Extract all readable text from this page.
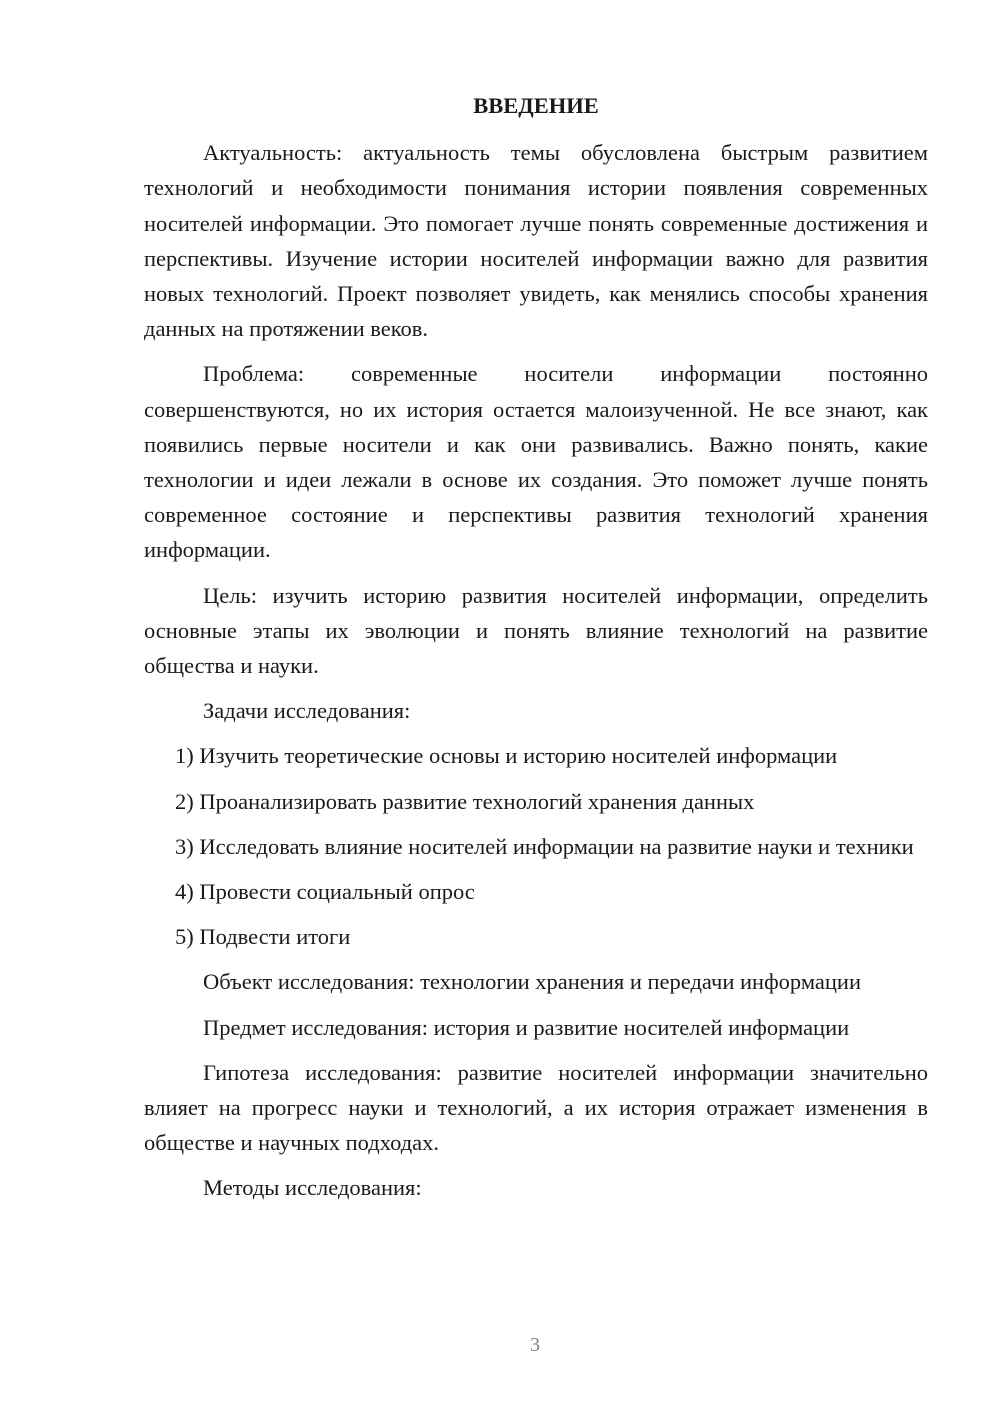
ВВЕДЕНИЕ

Актуальность: актуальность темы обусловлена быстрым развитием технологий и необходимости понимания истории появления современных носителей информации. Это помогает лучше понять современные достижения и перспективы. Изучение истории носителей информации важно для развития новых технологий. Проект позволяет увидеть, как менялись способы хранения данных на протяжении веков.

Проблема: современные носители информации постоянно совершенствуются, но их история остается малоизученной. Не все знают, как появились первые носители и как они развивались. Важно понять, какие технологии и идеи лежали в основе их создания. Это поможет лучше понять современное состояние и перспективы развития технологий хранения информации.

Цель: изучить историю развития носителей информации, определить основные этапы их эволюции и понять влияние технологий на развитие общества и науки.

Задачи исследования:

1) Изучить теоретические основы и историю носителей информации

2) Проанализировать развитие технологий хранения данных

3) Исследовать влияние носителей информации на развитие науки и техники

4) Провести социальный опрос

5) Подвести итоги

Объект исследования: технологии хранения и передачи информации

Предмет исследования: история и развитие носителей информации

Гипотеза исследования: развитие носителей информации значительно влияет на прогресс науки и технологий, а их история отражает изменения в обществе и научных подходах.

Методы исследования:

3
